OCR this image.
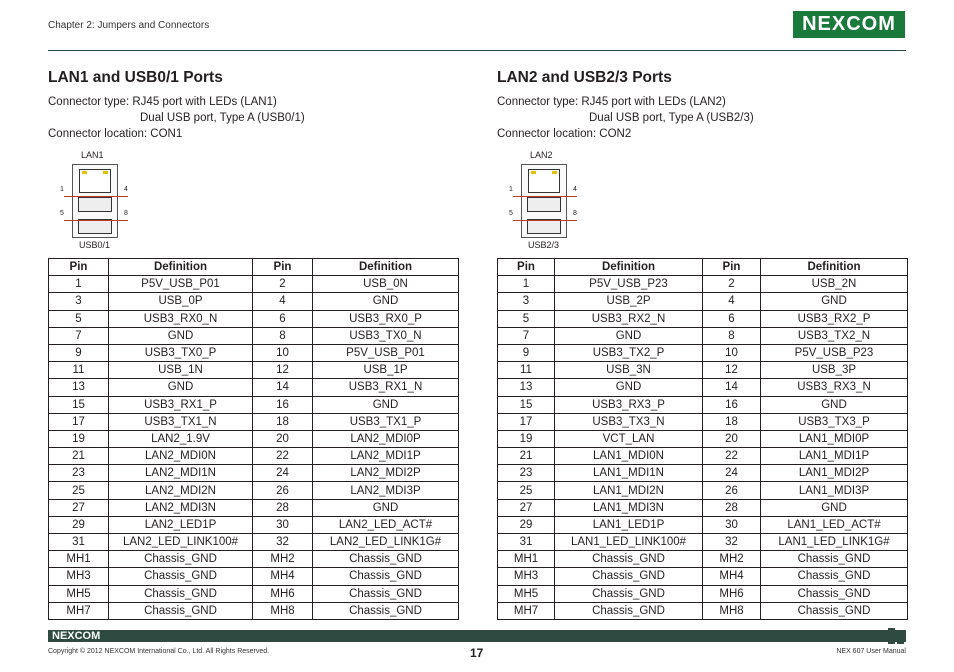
Chapter 2: Jumpers and Connectors	NEXCOM
LAN1 and USB0/1 Ports
Connector type: RJ45 port with LEDs (LAN1)
Dual USB port, Type A (USB0/1)
Connector location: CON1
LAN1
1	4
5	8
USB0/1
Pin	Definition	Pin	Definition
1	P5V_USB_P01	2	USB_0N
3	USB_0P	4	GND
5	USB3_RX0_N	6	USB3_RX0_P
7	GND	8	USB3_TX0_N
9	USB3_TX0_P	10	P5V_USB_P01
11	USB_1N	12	USB_1P
13	GND	14	USB3_RX1_N
15	USB3_RX1_P	16	GND
17	USB3_TX1_N	18	USB3_TX1_P
19	LAN2_1.9V	20	LAN2_MDI0P
21	LAN2_MDI0N	22	LAN2_MDI1P
23	LAN2_MDI1N	24	LAN2_MDI2P
25	LAN2_MDI2N	26	LAN2_MDI3P
27	LAN2_MDI3N	28	GND
29	LAN2_LED1P	30	LAN2_LED_ACT#
31	LAN2_LED_LINK100#	32	LAN2_LED_LINK1G#
MH1	Chassis_GND	MH2	Chassis_GND
MH3	Chassis_GND	MH4	Chassis_GND
MH5	Chassis_GND	MH6	Chassis_GND
MH7	Chassis_GND	MH8	Chassis_GND
LAN2 and USB2/3 Ports
Connector type: RJ45 port with LEDs (LAN2)
Dual USB port, Type A (USB2/3)
Connector location: CON2
LAN2
1	4
5	8
USB2/3
Pin	Definition	Pin	Definition
1	P5V_USB_P23	2	USB_2N
3	USB_2P	4	GND
5	USB3_RX2_N	6	USB3_RX2_P
7	GND	8	USB3_TX2_N
9	USB3_TX2_P	10	P5V_USB_P23
11	USB_3N	12	USB_3P
13	GND	14	USB3_RX3_N
15	USB3_RX3_P	16	GND
17	USB3_TX3_N	18	USB3_TX3_P
19	VCT_LAN	20	LAN1_MDI0P
21	LAN1_MDI0N	22	LAN1_MDI1P
23	LAN1_MDI1N	24	LAN1_MDI2P
25	LAN1_MDI2N	26	LAN1_MDI3P
27	LAN1_MDI3N	28	GND
29	LAN1_LED1P	30	LAN1_LED_ACT#
31	LAN1_LED_LINK100#	32	LAN1_LED_LINK1G#
MH1	Chassis_GND	MH2	Chassis_GND
MH3	Chassis_GND	MH4	Chassis_GND
MH5	Chassis_GND	MH6	Chassis_GND
MH7	Chassis_GND	MH8	Chassis_GND
NEXCOM
Copyright © 2012 NEXCOM International Co., Ltd. All Rights Reserved.	17	NEX 607 User Manual
